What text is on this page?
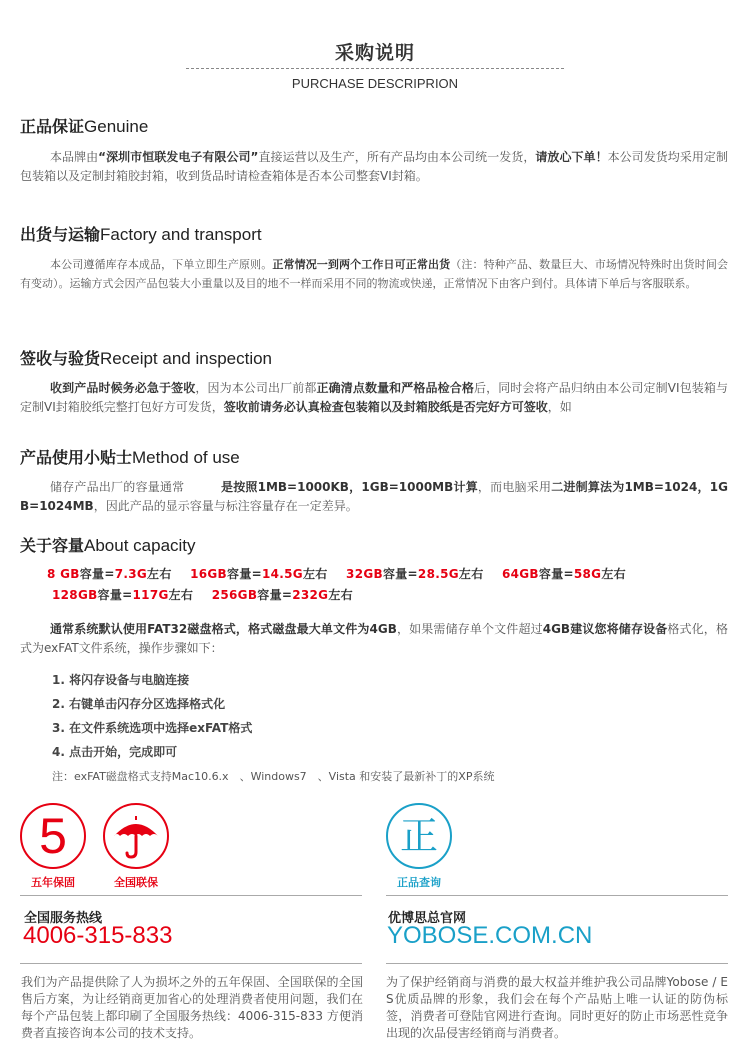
采购说明
PURCHASE DESCRIPRION
正品保证Genuine
本品牌由“深圳市恒联发电子有限公司”直接运营以及生产，所有产品均由本公司统一发货，请放心下单！本公司发货均采用定制包装箱以及定制封箱胶封箱，收到货品时请检查箱体是否本公司整套VI封箱。
出货与运输Factory and transport
本公司遵循库存本成品，下单立即生产原则。正常情况一到两个工作日可正常出货（注：特种产品、数量巨大、市场情况特殊时出货时间会有变动）。运输方式会因产品包装大小重量以及目的地不一样而采用不同的物流或快递，正常情况下由客户到付。具体请下单后与客服联系。
签收与验货Receipt and inspection
收到产品时候务必急于签收，因为本公司出厂前都正确清点数量和严格品检合格后，同时会将产品归纳由本公司定制VI包装箱与定制VI封箱胶纸完整打包好方可发货，签收前请务必认真检查包装箱以及封箱胶纸是否完好方可签收，如
产品使用小贴士Method of use
储存产品出厂的容量通常　　　	是按照1MB=1000KB，1GB=1000MB计算，而电脑采用二进制算法为1MB=1024，1GB=1024MB，因此产品的显示容量与标注容量存在一定差异。
关于容量About capacity
8 GB容量=7.3G左右 16GB容量=14.5G左右 32GB容量=28.5G左右 64GB容量=58G左右
128GB容量=117G左右 256GB容量=232G左右
通常系统默认使用FAT32磁盘格式，格式磁盘最大单文件为4GB，如果需储存单个文件超过4GB建议您将储存设备格式化，格式为exFAT文件系统，操作步骤如下：
1. 将闪存设备与电脑连接
2. 右键单击闪存分区选择格式化
3. 在文件系统选项中选择exFAT格式
4. 点击开始，完成即可
注：exFAT磁盘格式支持Mac10.6.x　、Windows7　、Vista 和安装了最新补丁的XP系统
5
五年保固	全国联保
正
正品查询
全国服务热线
4006-315-833
我们为产品提供除了人为损坏之外的五年保固、全国联保的全国售后方案，为让经销商更加省心的处理消费者使用问题，我们在每个产品包装上都印刷了全国服务热线：4006-315-833 方便消费者直接咨询本公司的技术支持。
优博思总官网
YOBOSE.COM.CN
为了保护经销商与消费的最大权益并维护我公司品牌Yobose / ES优质品牌的形象，我们会在每个产品贴上唯一认证的防伪标签，消费者可登陆官网进行查询。同时更好的防止市场恶性竞争出现的次品侵害经销商与消费者。
